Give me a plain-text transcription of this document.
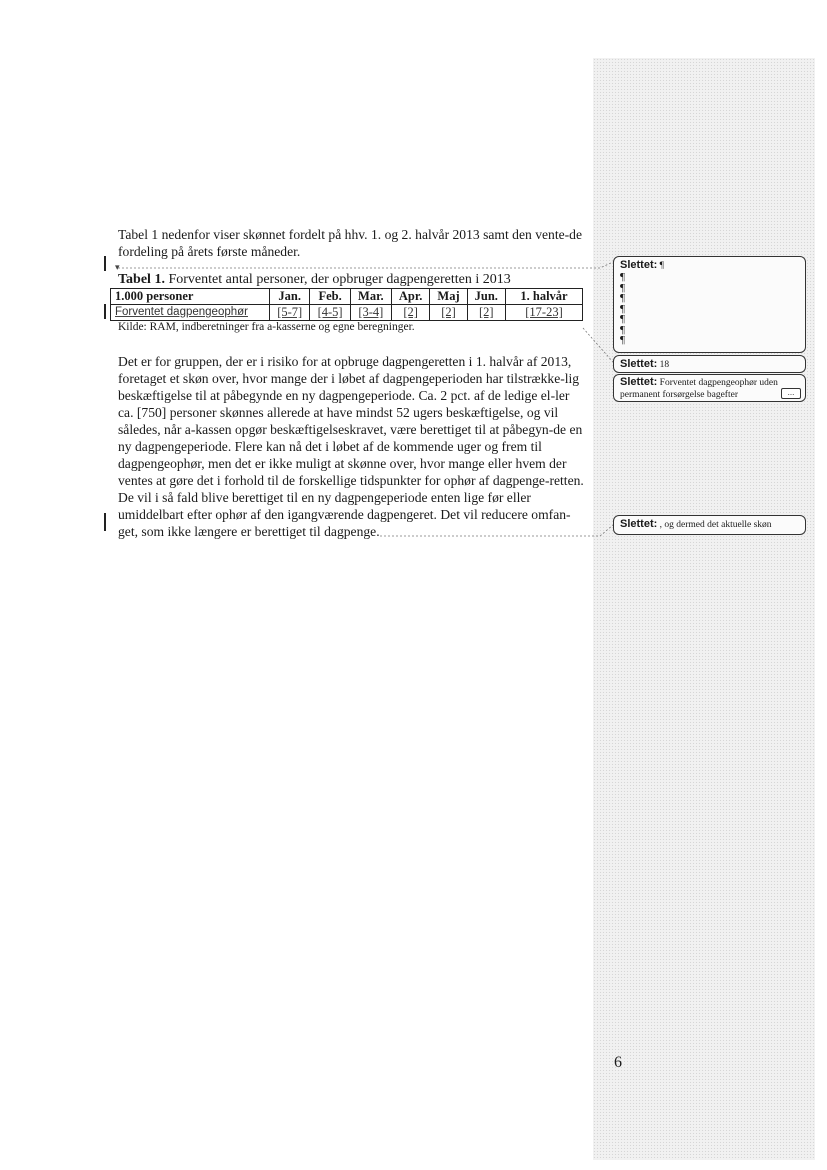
Tabel 1 nedenfor viser skønnet fordelt på hhv. 1. og 2. halvår 2013 samt den vente-de fordeling på årets første måneder.
▾
Tabel 1. Forventet antal personer, der opbruger dagpengeretten i 2013
1.000 personer	Jan.	Feb.	Mar.	Apr.	Maj	Jun.	1. halvår
Forventet dagpengeophør	[5-7]	[4-5]	[3-4]	[2]	[2]	[2]	[17-23]
Kilde: RAM, indberetninger fra a-kasserne og egne beregninger.
Det er for gruppen, der er i risiko for at opbruge dagpengeretten i 1. halvår af 2013, foretaget et skøn over, hvor mange der i løbet af dagpengeperioden har tilstrække-lig beskæftigelse til at påbegynde en ny dagpengeperiode. Ca. 2 pct. af de ledige el-ler ca. [750] personer skønnes allerede at have mindst 52 ugers beskæftigelse, og vil således, når a-kassen opgør beskæftigelseskravet, være berettiget til at påbegyn-de en ny dagpengeperiode. Flere kan nå det i løbet af de kommende uger og frem til dagpengeophør, men det er ikke muligt at skønne over, hvor mange eller hvem der ventes at gøre det i forhold til de forskellige tidspunkter for ophør af dagpenge-retten. De vil i så fald blive berettiget til en ny dagpengeperiode enten lige før eller umiddelbart efter ophør af den igangværende dagpengeret. Det vil reducere omfan-get, som ikke længere er berettiget til dagpenge.
Slettet: ¶
¶
¶
¶
¶
¶
¶
¶
Slettet: 18
Slettet: Forventet dagpengeophør uden permanent forsørgelse bagefter	...
Slettet: , og dermed det aktuelle skøn
6
